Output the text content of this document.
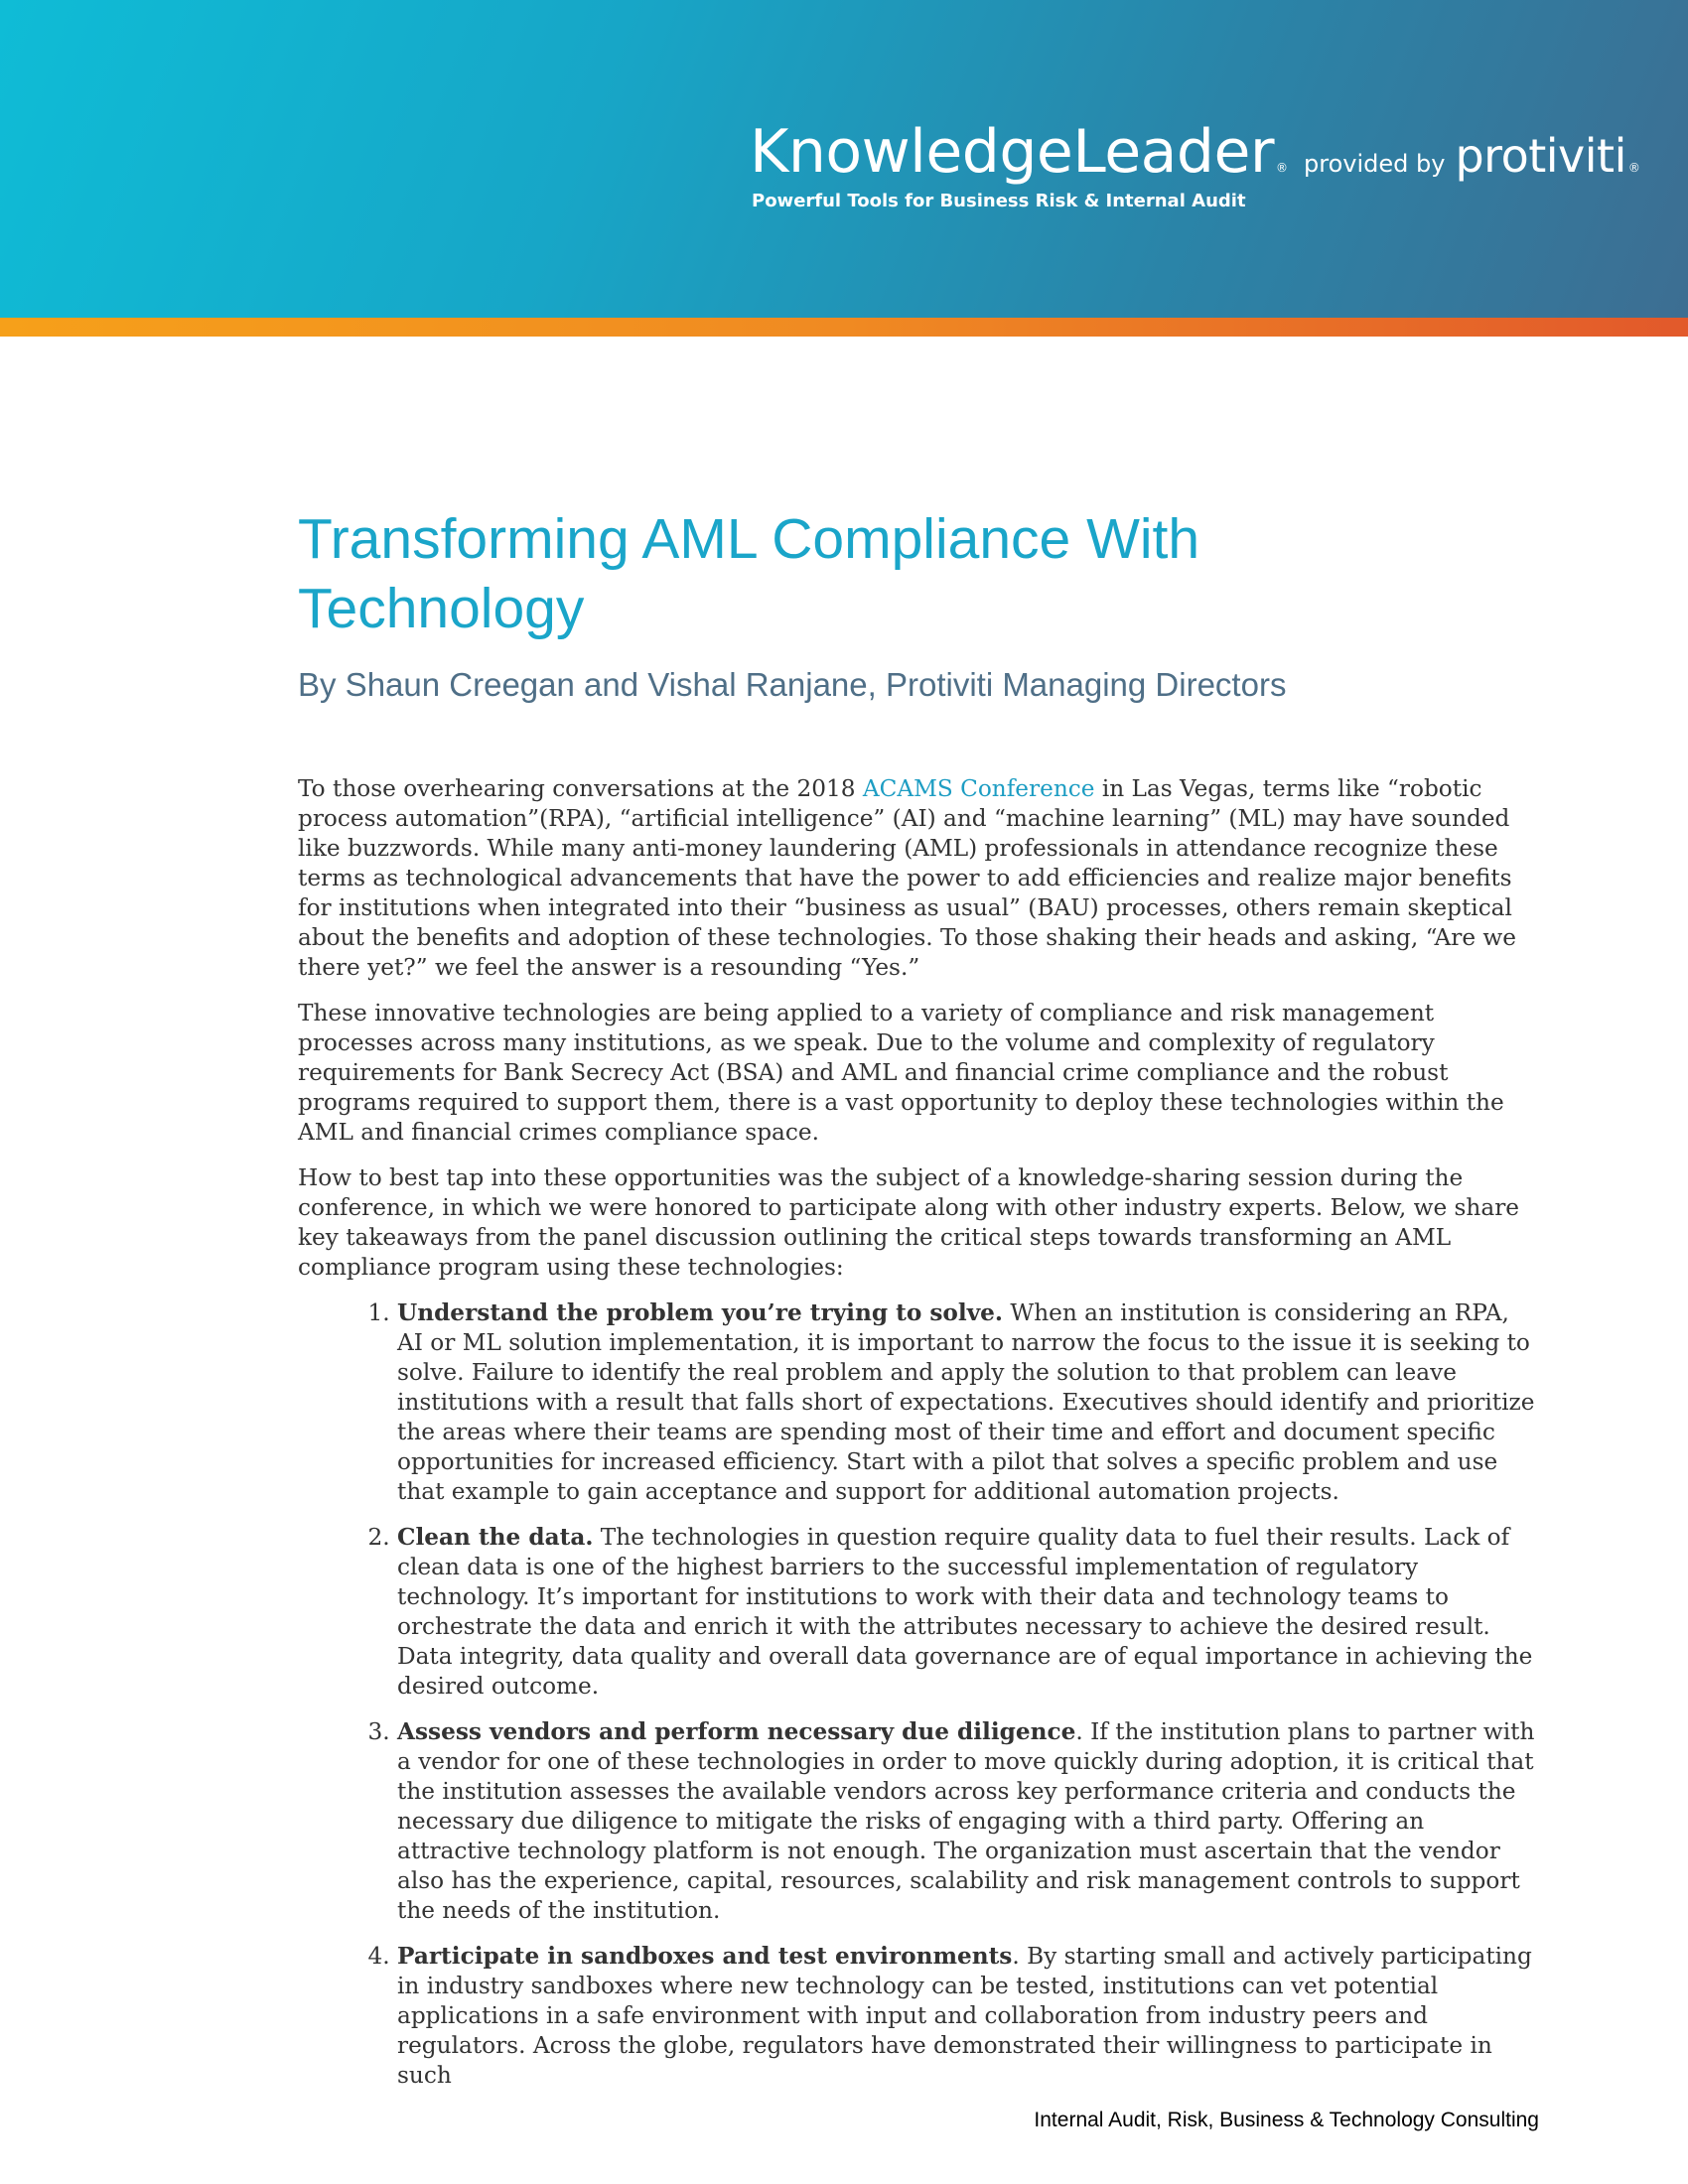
KnowledgeLeader ® provided by protiviti ®
Powerful Tools for Business Risk & Internal Audit
Transforming AML Compliance With Technology

By Shaun Creegan and Vishal Ranjane, Protiviti Managing Directors

To those overhearing conversations at the 2018 ACAMS Conference in Las Vegas, terms like “robotic process automation”(RPA), “artificial intelligence” (AI) and “machine learning” (ML) may have sounded like buzzwords. While many anti-money laundering (AML) professionals in attendance recognize these terms as technological advancements that have the power to add efficiencies and realize major benefits for institutions when integrated into their “business as usual” (BAU) processes, others remain skeptical about the benefits and adoption of these technologies. To those shaking their heads and asking, “Are we there yet?” we feel the answer is a resounding “Yes.”

These innovative technologies are being applied to a variety of compliance and risk management processes across many institutions, as we speak. Due to the volume and complexity of regulatory requirements for Bank Secrecy Act (BSA) and AML and financial crime compliance and the robust programs required to support them, there is a vast opportunity to deploy these technologies within the AML and financial crimes compliance space.

How to best tap into these opportunities was the subject of a knowledge-sharing session during the conference, in which we were honored to participate along with other industry experts. Below, we share key takeaways from the panel discussion outlining the critical steps towards transforming an AML compliance program using these technologies:

1. Understand the problem you’re trying to solve. When an institution is considering an RPA, AI or ML solution implementation, it is important to narrow the focus to the issue it is seeking to solve. Failure to identify the real problem and apply the solution to that problem can leave institutions with a result that falls short of expectations. Executives should identify and prioritize the areas where their teams are spending most of their time and effort and document specific opportunities for increased efficiency. Start with a pilot that solves a specific problem and use that example to gain acceptance and support for additional automation projects.
2. Clean the data. The technologies in question require quality data to fuel their results. Lack of clean data is one of the highest barriers to the successful implementation of regulatory technology. It’s important for institutions to work with their data and technology teams to orchestrate the data and enrich it with the attributes necessary to achieve the desired result. Data integrity, data quality and overall data governance are of equal importance in achieving the desired outcome.
3. Assess vendors and perform necessary due diligence. If the institution plans to partner with a vendor for one of these technologies in order to move quickly during adoption, it is critical that the institution assesses the available vendors across key performance criteria and conducts the necessary due diligence to mitigate the risks of engaging with a third party. Offering an attractive technology platform is not enough. The organization must ascertain that the vendor also has the experience, capital, resources, scalability and risk management controls to support the needs of the institution.
4. Participate in sandboxes and test environments. By starting small and actively participating in industry sandboxes where new technology can be tested, institutions can vet potential applications in a safe environment with input and collaboration from industry peers and regulators. Across the globe, regulators have demonstrated their willingness to participate in such

Internal Audit, Risk, Business & Technology Consulting
